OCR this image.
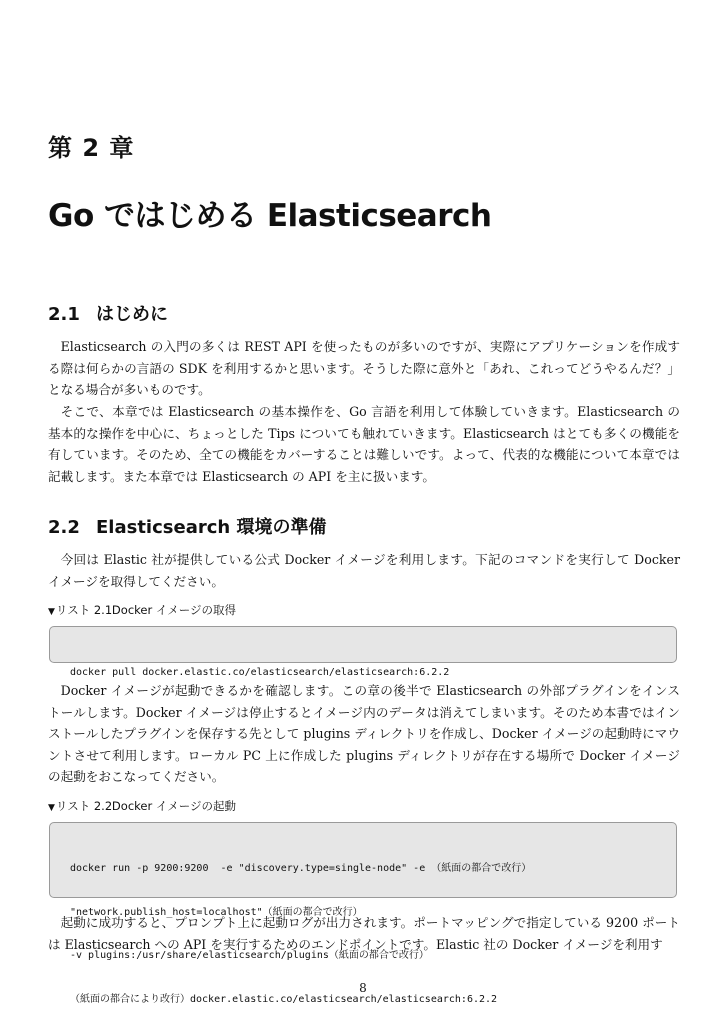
第 2 章
Go ではじめる Elasticsearch
2.1 はじめに

Elasticsearch の入門の多くは REST API を使ったものが多いのですが、実際にアプリケーションを作成する際は何らかの言語の SDK を利用するかと思います。そうした際に意外と「あれ、これってどうやるんだ？」となる場合が多いものです。

そこで、本章では Elasticsearch の基本操作を、Go 言語を利用して体験していきます。Elasticsearch の基本的な操作を中心に、ちょっとした Tips についても触れていきます。Elasticsearch はとても多くの機能を有しています。そのため、全ての機能をカバーすることは難しいです。よって、代表的な機能について本章では記載します。また本章では Elasticsearch の API を主に扱います。

2.2 Elasticsearch 環境の準備

今回は Elastic 社が提供している公式 Docker イメージを利用します。下記のコマンドを実行して Docker イメージを取得してください。

▼リスト 2.1Docker イメージの取得

docker pull docker.elastic.co/elasticsearch/elasticsearch:6.2.2

Docker イメージが起動できるかを確認します。この章の後半で Elasticsearch の外部プラグインをインストールします。Docker イメージは停止するとイメージ内のデータは消えてしまいます。そのため本書ではインストールしたプラグインを保存する先として plugins ディレクトリを作成し、Docker イメージの起動時にマウントさせて利用します。ローカル PC 上に作成した plugins ディレクトリが存在する場所で Docker イメージの起動をおこなってください。

▼リスト 2.2Docker イメージの起動

docker run -p 9200:9200  -e "discovery.type=single-node" -e （紙面の都合で改行）

"network.publish_host=localhost"（紙面の都合で改行）

-v plugins:/usr/share/elasticsearch/plugins（紙面の都合で改行）

（紙面の都合により改行）docker.elastic.co/elasticsearch/elasticsearch:6.2.2

起動に成功すると、プロンプト上に起動ログが出力されます。ポートマッピングで指定している 9200 ポートは Elasticsearch への API を実行するためのエンドポイントです。Elastic 社の Docker イメージを利用す

8
